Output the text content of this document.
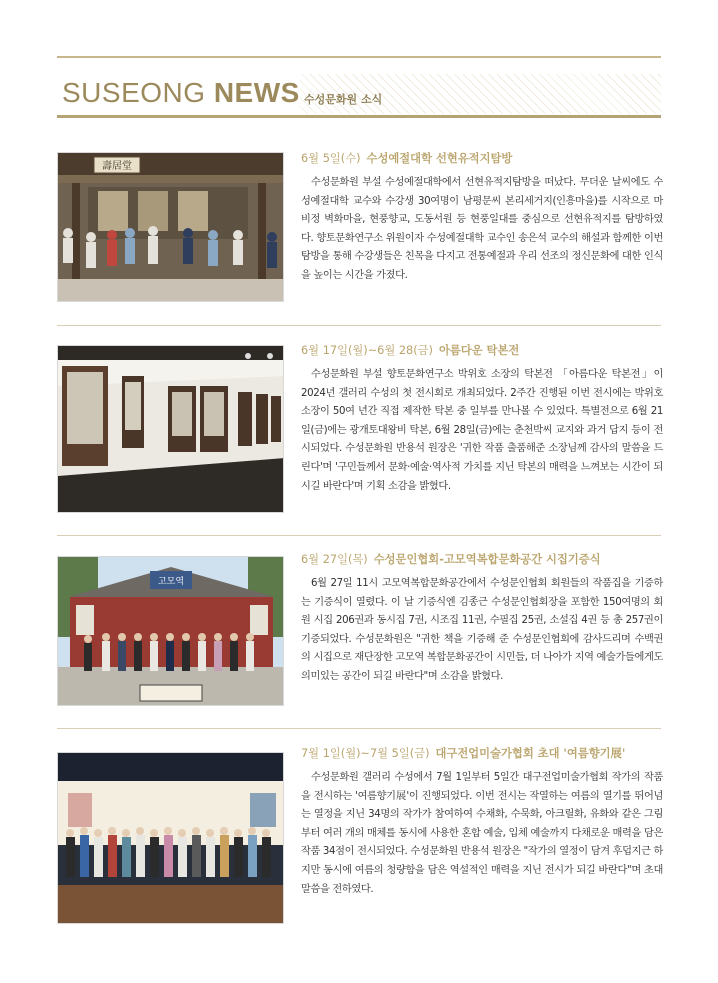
SUSEONG NEWS 수성문화원 소식
壽居堂
6월 5일(수) 수성예절대학 선현유적지탐방
수성문화원 부설 수성예절대학에서 선현유적지탐방을 떠났다. 무더운 날씨에도 수성예절대학 교수와 수강생 30여명이 남평문씨 본리세거지(인흥마을)를 시작으로 마비정 벽화마을, 현풍향교, 도동서원 등 현풍일대를 중심으로 선현유적지를 탐방하였다. 향토문화연구소 위원이자 수성예절대학 교수인 송은석 교수의 해설과 함께한 이번 탐방을 통해 수강생들은 친목을 다지고 전통예절과 우리 선조의 정신문화에 대한 인식을 높이는 시간을 가졌다.
6월 17일(월)~6월 28(금) 아름다운 탁본전
수성문화원 부설 향토문화연구소 박위호 소장의 탁본전 「아름다운 탁본전」이 2024년 갤러리 수성의 첫 전시회로 개최되었다. 2주간 진행된 이번 전시에는 박위호 소장이 50여 년간 직접 제작한 탁본 중 일부를 만나볼 수 있었다. 특별전으로 6월 21일(금)에는 광개토대왕비 탁본, 6월 28일(금)에는 춘천박씨 교지와 과거 답지 등이 전시되었다. 수성문화원 반용석 원장은 '귀한 작품 출품해준 소장님께 감사의 말씀을 드린다'며 '구민들께서 문화·예술·역사적 가치를 지닌 탁본의 매력을 느껴보는 시간이 되시길 바란다'며 기획 소감을 밝혔다.
고모역
6월 27일(목) 수성문인협회-고모역복합문화공간 시집기증식
6월 27일 11시 고모역복합문화공간에서 수성문인협회 회원들의 작품집을 기증하는 기증식이 열렸다. 이 날 기증식엔 김종근 수성문인협회장을 포함한 150여명의 회원 시집 206권과 동시집 7권, 시조집 11권, 수필집 25권, 소설집 4권 등 총 257권이 기증되었다. 수성문화원은 "귀한 책을 기증해 준 수성문인협회에 감사드리며 수백권의 시집으로 재단장한 고모역 복합문화공간이 시민들, 더 나아가 지역 예술가들에게도 의미있는 공간이 되길 바란다"며 소감을 밝혔다.
7월 1일(월)~7월 5일(금) 대구전업미술가협회 초대 '여름향기展'
수성문화원 갤러리 수성에서 7월 1일부터 5일간 대구전업미술가협회 작가의 작품을 전시하는 '여름향기展'이 진행되었다. 이번 전시는 작열하는 여름의 열기를 뛰어넘는 열정을 지닌 34명의 작가가 참여하여 수채화, 수묵화, 아크릴화, 유화와 같은 그림부터 여러 개의 매체를 동시에 사용한 혼합 예술, 입체 예술까지 다채로운 매력을 담은 작품 34점이 전시되었다. 수성문화원 반용석 원장은 "작가의 열정이 담겨 후덥지근 하지만 동시에 여름의 청량함을 담은 역설적인 매력을 지닌 전시가 되길 바란다"며 초대말씀을 전하였다.
